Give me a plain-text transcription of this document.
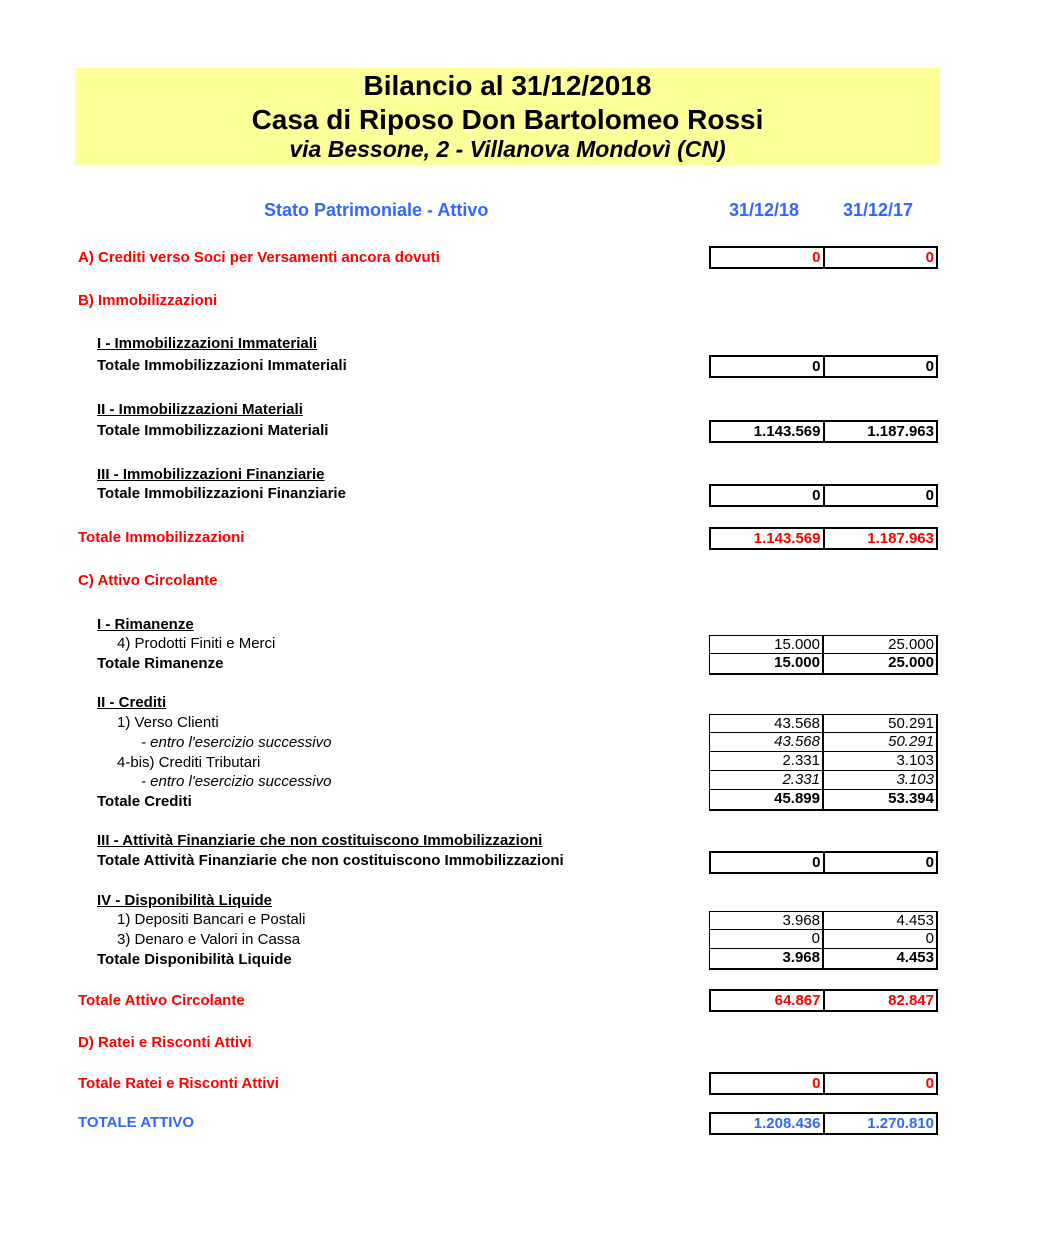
Bilancio al 31/12/2018
Casa di Riposo Don Bartolomeo Rossi
via Bessone, 2 - Villanova Mondovì (CN)
Stato Patrimoniale - Attivo	31/12/18 31/12/17
A) Crediti verso Soci per Versamenti ancora dovuti	0	0
B) Immobilizzazioni
I - Immobilizzazioni Immateriali
Totale Immobilizzazioni Immateriali	0	0
II - Immobilizzazioni Materiali
Totale Immobilizzazioni Materiali	1.143.569	1.187.963
III - Immobilizzazioni Finanziarie
Totale Immobilizzazioni Finanziarie	0	0
Totale Immobilizzazioni	1.143.569	1.187.963
C) Attivo Circolante
I - Rimanenze
4) Prodotti Finiti e Merci	15.000	25.000
Totale Rimanenze	15.000	25.000
II - Crediti
1) Verso Clienti	43.568	50.291
- entro l'esercizio successivo	43.568	50.291
4-bis) Crediti Tributari	2.331	3.103
- entro l'esercizio successivo	2.331	3.103
Totale Crediti	45.899	53.394
III - Attività Finanziarie che non costituiscono Immobilizzazioni
Totale Attività Finanziarie che non costituiscono Immobilizzazioni	0	0
IV - Disponibilità Liquide
1) Depositi Bancari e Postali	3.968	4.453
3) Denaro e Valori in Cassa	0	0
Totale Disponibilità Liquide	3.968	4.453
Totale Attivo Circolante	64.867	82.847
D) Ratei e Risconti Attivi
Totale Ratei e Risconti Attivi	0	0
TOTALE ATTIVO	1.208.436	1.270.810
